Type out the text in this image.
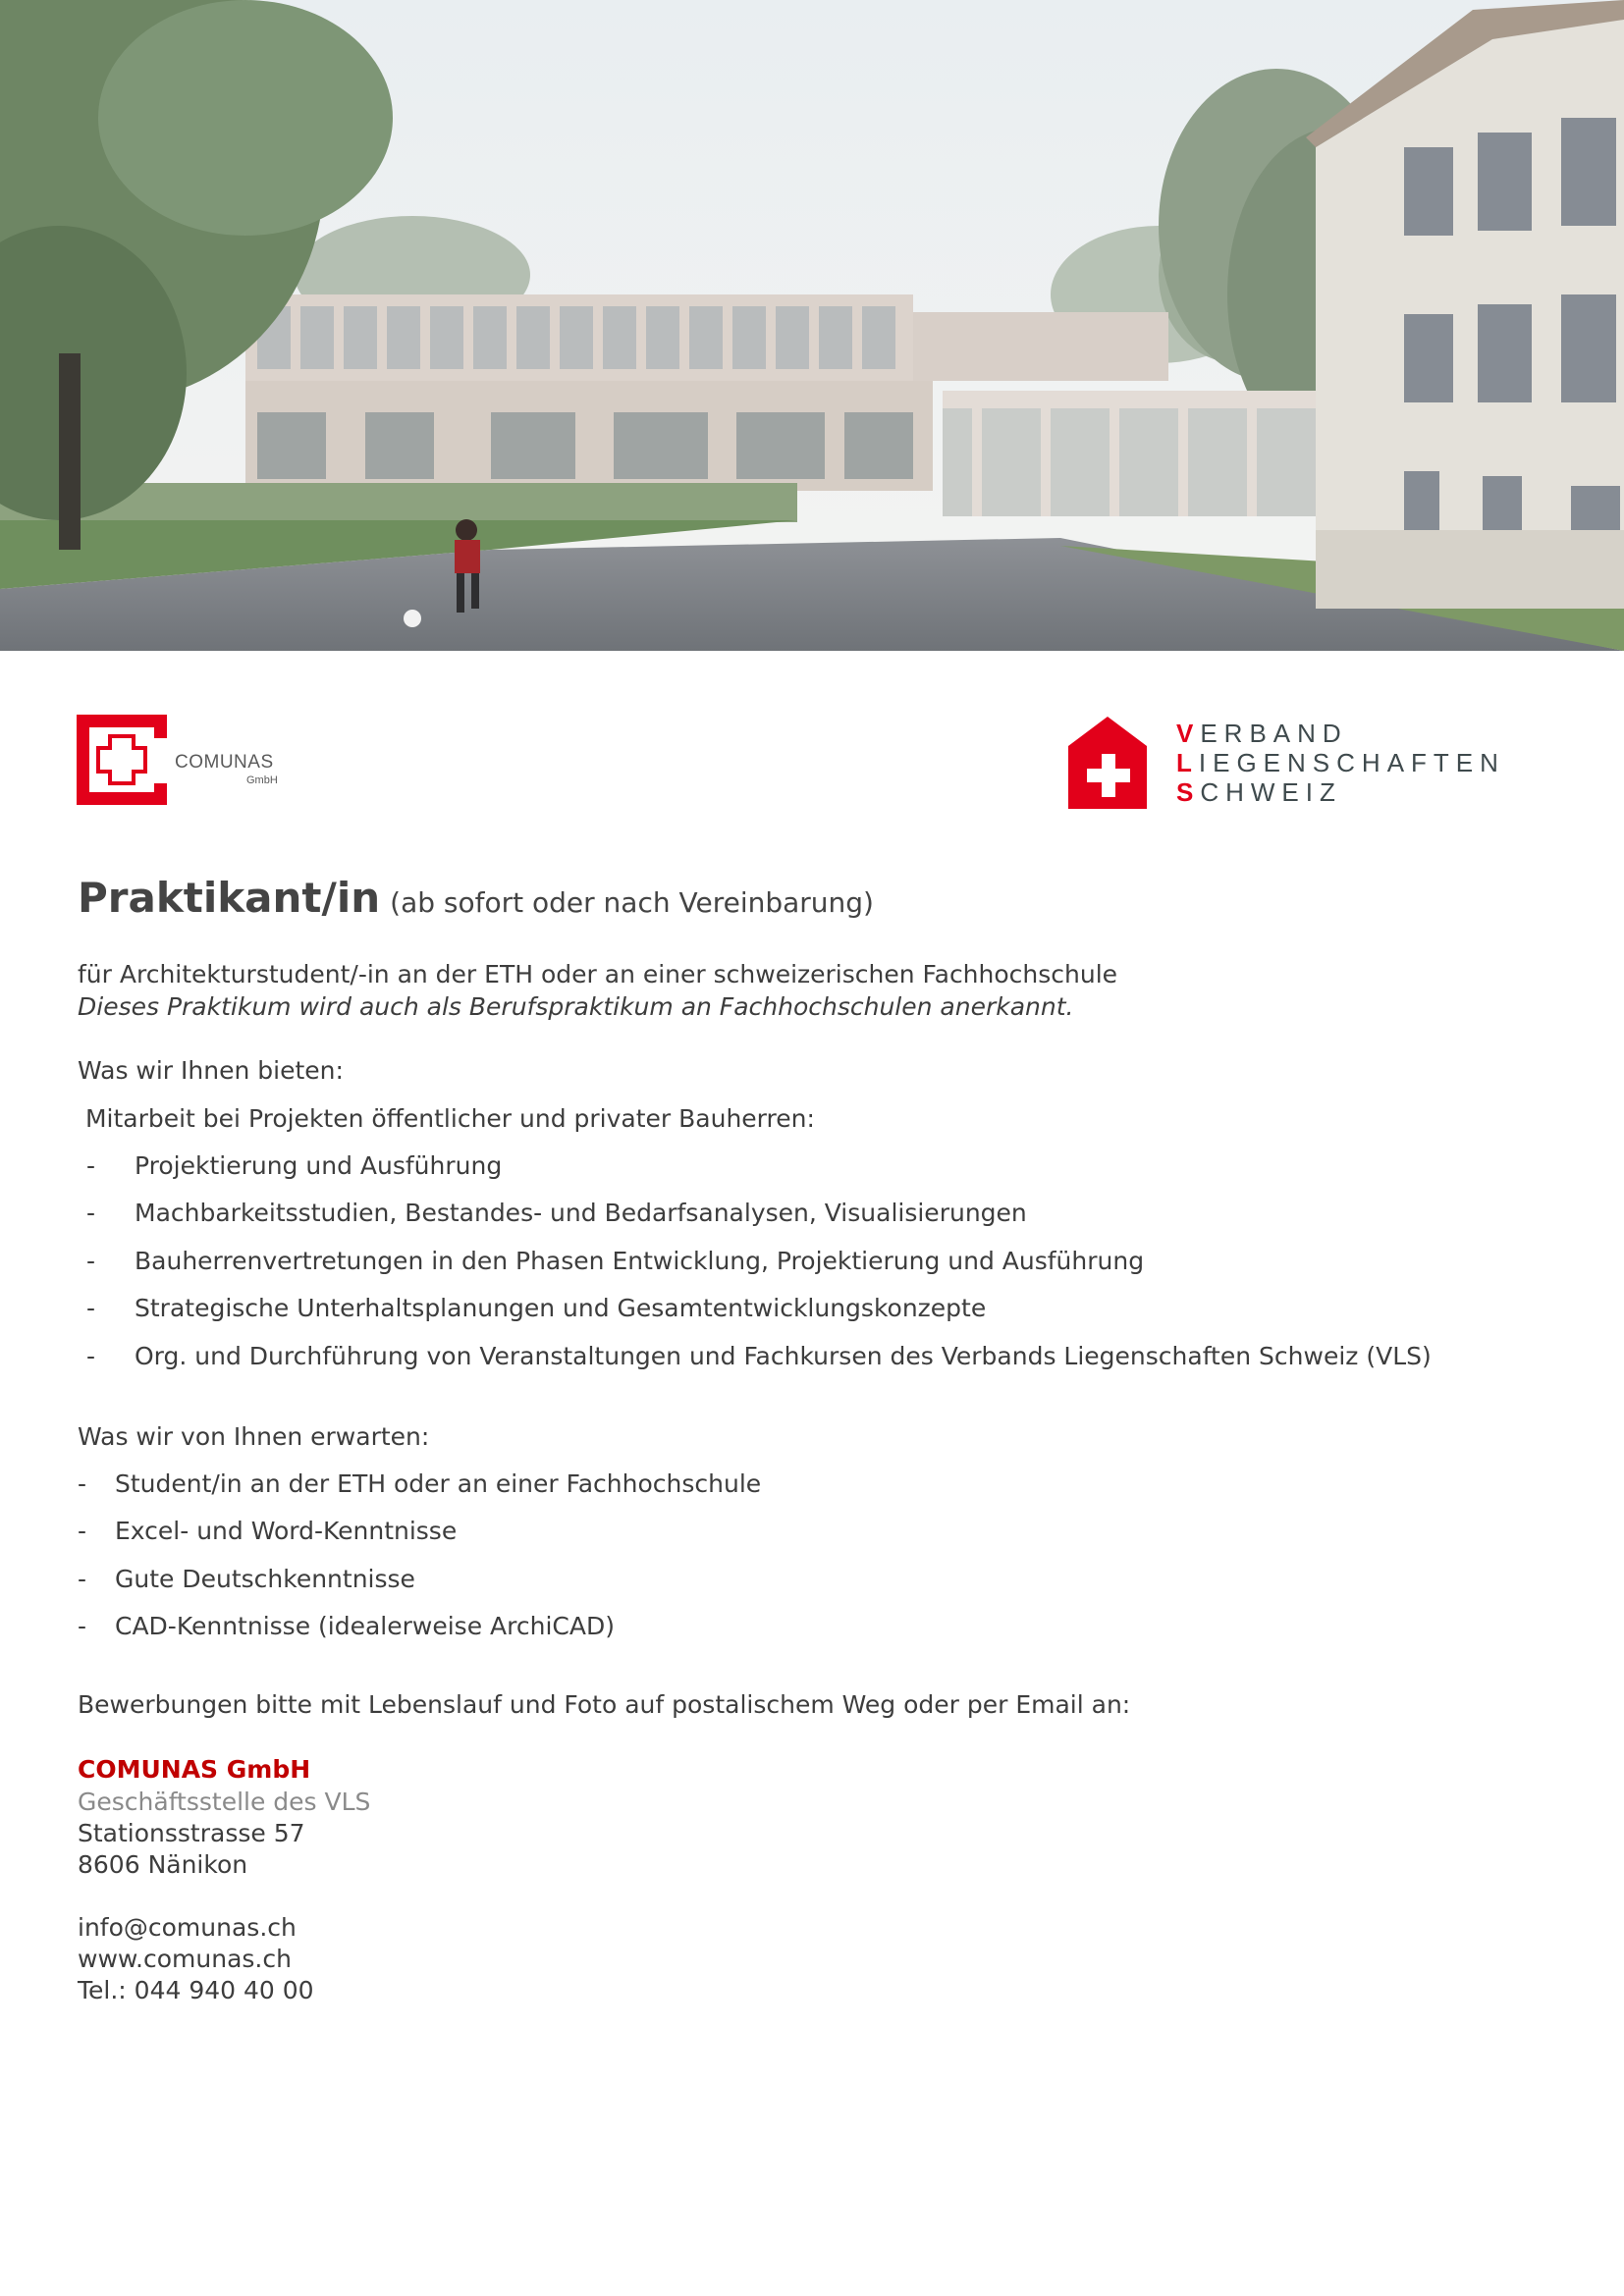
COMUNAS
GmbH
VERBAND
LIEGENSCHAFTEN
SCHWEIZ
Praktikant/in (ab sofort oder nach Vereinbarung)
für Architekturstudent/-in an der ETH oder an einer schweizerischen Fachhochschule
Dieses Praktikum wird auch als Berufspraktikum an Fachhochschulen anerkannt.
Was wir Ihnen bieten:
Mitarbeit bei Projekten öffentlicher und privater Bauherren:
- Projektierung und Ausführung
- Machbarkeitsstudien, Bestandes- und Bedarfsanalysen, Visualisierungen
- Bauherrenvertretungen in den Phasen Entwicklung, Projektierung und Ausführung
- Strategische Unterhaltsplanungen und Gesamtentwicklungskonzepte
- Org. und Durchführung von Veranstaltungen und Fachkursen des Verbands Liegenschaften Schweiz (VLS)
Was wir von Ihnen erwarten:
- Student/in an der ETH oder an einer Fachhochschule
- Excel- und Word-Kenntnisse
- Gute Deutschkenntnisse
- CAD-Kenntnisse (idealerweise ArchiCAD)
Bewerbungen bitte mit Lebenslauf und Foto auf postalischem Weg oder per Email an:
COMUNAS GmbH
Geschäftsstelle des VLS
Stationsstrasse 57
8606 Nänikon
info@comunas.ch
www.comunas.ch
Tel.: 044 940 40 00
